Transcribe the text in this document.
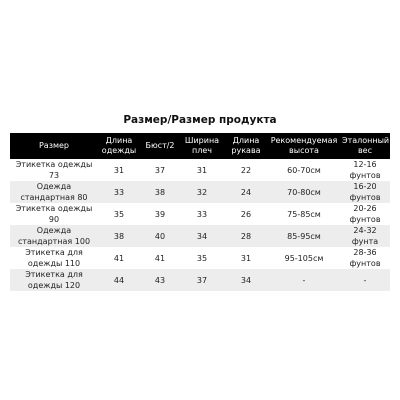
Размер/Размер продукта
Размер	Длина одежды	Бюст/2	Ширина плеч	Длина рукава	Рекомендуемая высота	Эталонный вес
Этикетка одежды 73	31	37	31	22	60-70см	12-16 фунтов
Одежда стандартная 80	33	38	32	24	70-80см	16-20 фунтов
Этикетка одежды 90	35	39	33	26	75-85см	20-26 фунтов
Одежда стандартная 100	38	40	34	28	85-95см	24-32 фунта
Этикетка для одежды 110	41	41	35	31	95-105см	28-36 фунтов
Этикетка для одежды 120	44	43	37	34	-	-
